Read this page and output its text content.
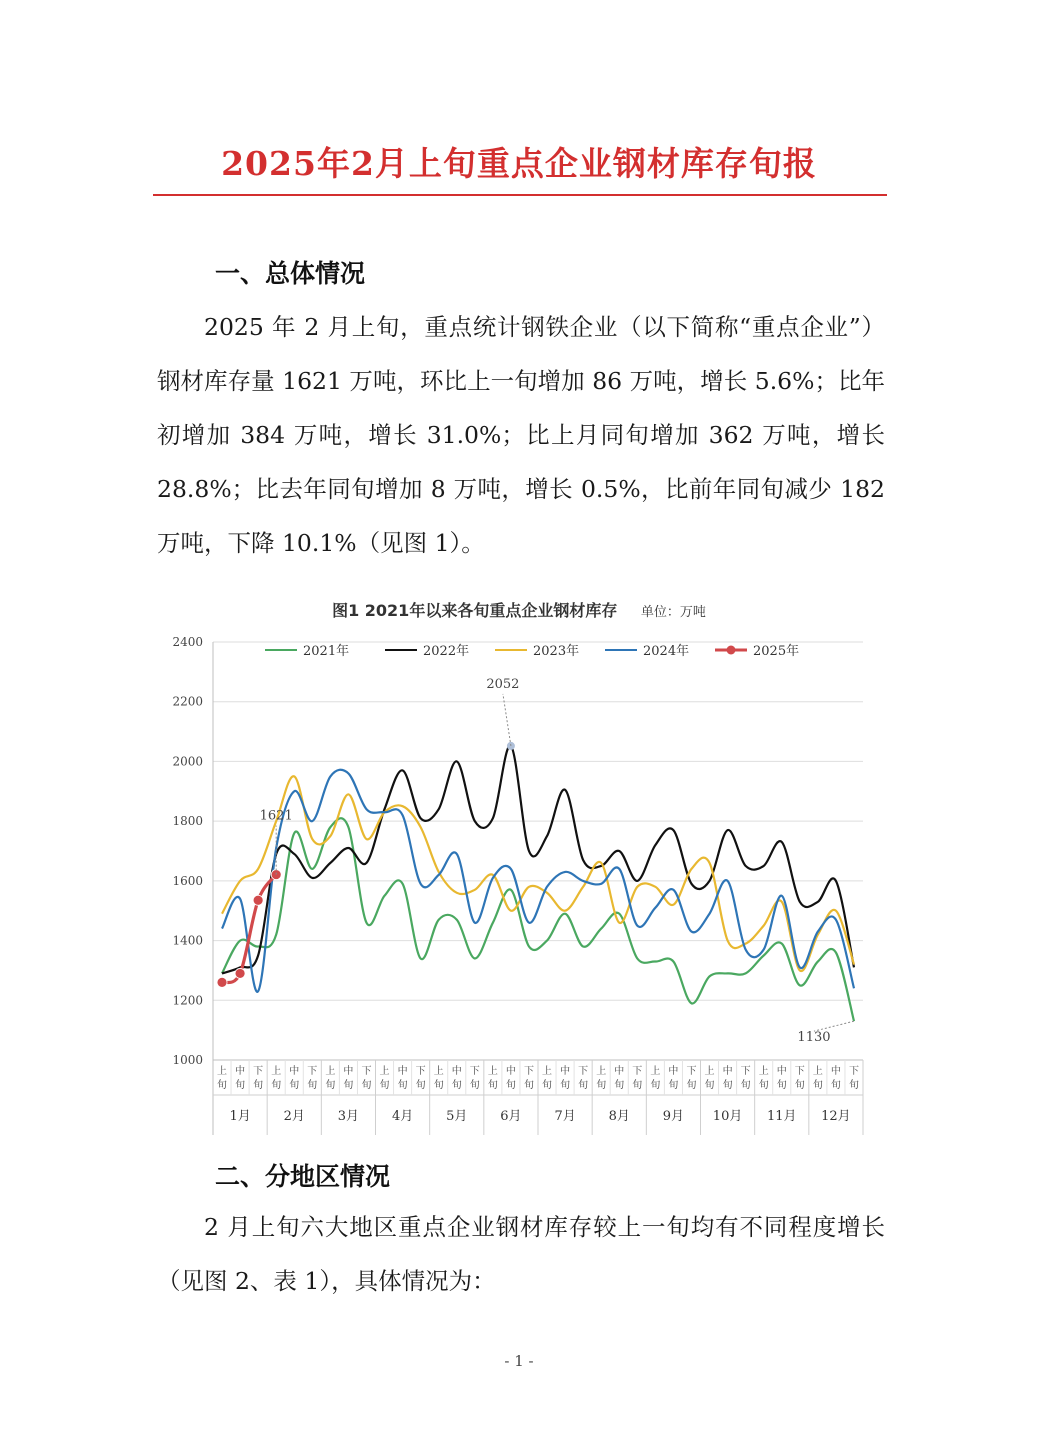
2025年2月上旬重点企业钢材库存旬报
一、总体情况

2025 年 2 月上旬，重点统计钢铁企业（以下简称“重点企业”）钢材库存量 1621 万吨，环比上一旬增加 86 万吨，增长 5.6%；比年初增加 384 万吨，增长 31.0%；比上月同旬增加 362 万吨，增长 28.8%；比去年同旬增加 8 万吨，增长 0.5%，比前年同旬减少 182 万吨，下降 10.1%（见图 1）。

图1 2021年以来各旬重点企业钢材库存 单位：万吨
1000
1200
1400
1600
1800
2000
2200
2400
上
旬
中
旬
下
旬
1月
上
旬
中
旬
下
旬
2月
上
旬
中
旬
下
旬
3月
上
旬
中
旬
下
旬
4月
上
旬
中
旬
下
旬
5月
上
旬
中
旬
下
旬
6月
上
旬
中
旬
下
旬
7月
上
旬
中
旬
下
旬
8月
上
旬
中
旬
下
旬
9月
上
旬
中
旬
下
旬
10月
上
旬
中
旬
下
旬
11月
上
旬
中
旬
下
旬
12月
1621
2052
1130
2021年	2022年	2023年	2024年	2025年
二、分地区情况

2 月上旬六大地区重点企业钢材库存较上一旬均有不同程度增长（见图 2、表 1），具体情况为：

- 1 -
